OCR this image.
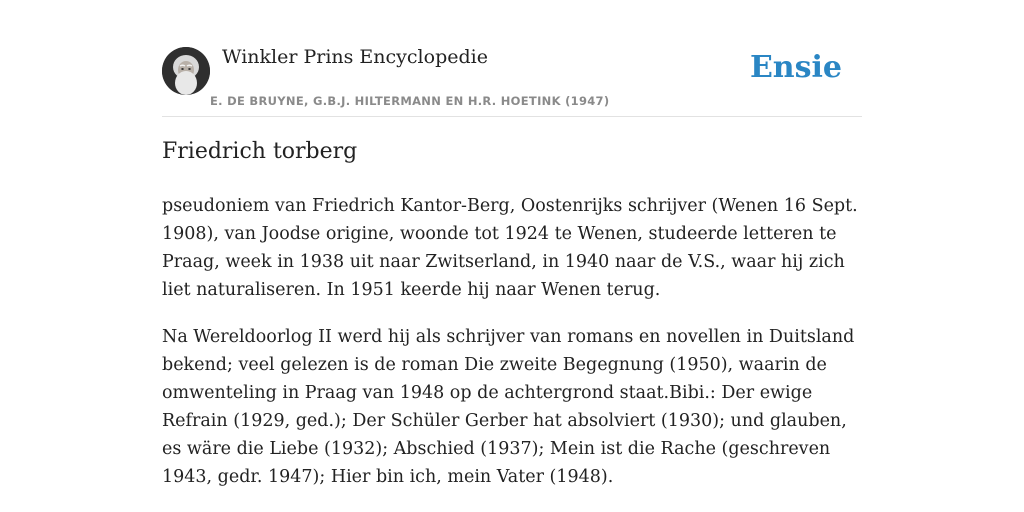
Winkler Prins Encyclopedie
E. DE BRUYNE, G.B.J. HILTERMANN EN H.R. HOETINK (1947)
Ensie
Friedrich torberg

pseudoniem van Friedrich Kantor-Berg, Oostenrijks schrijver (Wenen 16 Sept. 1908), van Joodse origine, woonde tot 1924 te Wenen, studeerde letteren te Praag, week in 1938 uit naar Zwitserland, in 1940 naar de V.S., waar hij zich liet naturaliseren. In 1951 keerde hij naar Wenen terug.

Na Wereldoorlog II werd hij als schrijver van romans en novellen in Duitsland bekend; veel gelezen is de roman Die zweite Begegnung (1950), waarin de omwenteling in Praag van 1948 op de achtergrond staat.Bibi.: Der ewige Refrain (1929, ged.); Der Schüler Gerber hat absolviert (1930); und glauben, es wäre die Liebe (1932); Abschied (1937); Mein ist die Rache (geschreven 1943, gedr. 1947); Hier bin ich, mein Vater (1948).
